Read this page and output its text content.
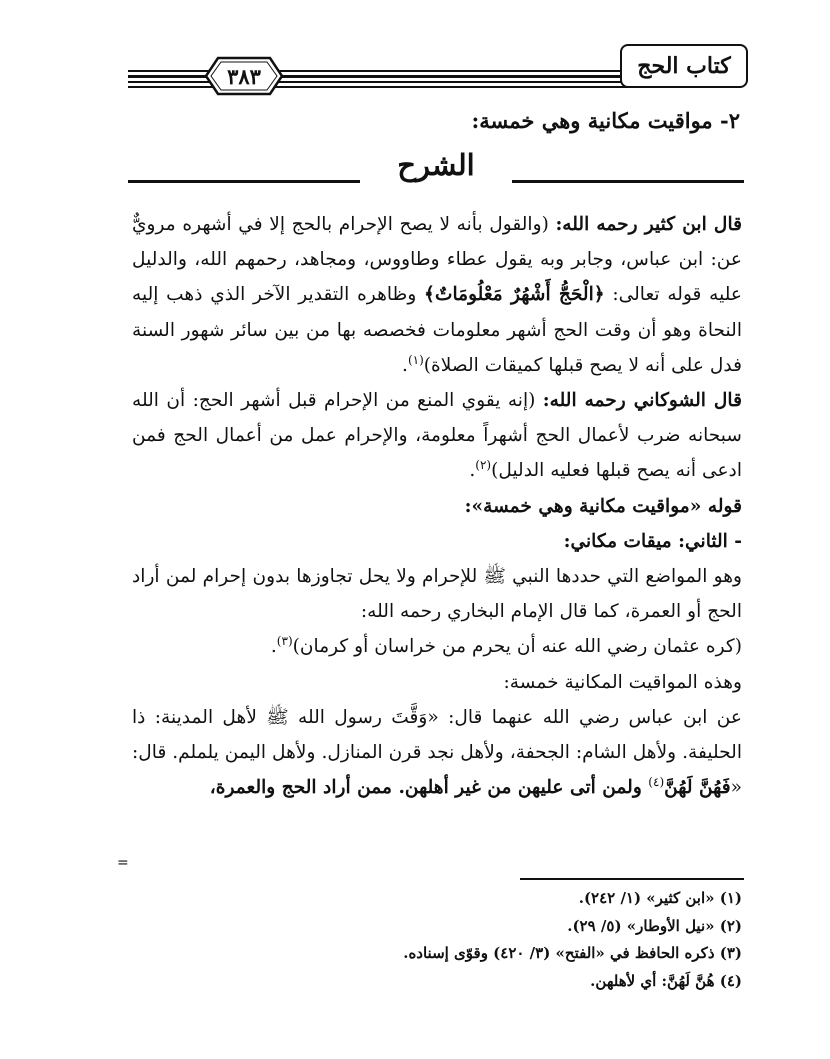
٣٨٣	كتاب الحج
٢- مواقيت مكانية وهي خمسة:
الشرح

قال ابن كثير رحمه الله: (والقول بأنه لا يصح الإحرام بالحج إلا في أشهره مرويٌّ عن: ابن عباس، وجابر وبه يقول عطاء وطاووس، ومجاهد، رحمهم الله، والدليل عليه قوله تعالى: ﴿الْحَجُّ أَشْهُرٌ مَعْلُومَاتٌ﴾ وظاهره التقدير الآخر الذي ذهب إليه النحاة وهو أن وقت الحج أشهر معلومات فخصصه بها من بين سائر شهور السنة فدل على أنه لا يصح قبلها كميقات الصلاة)$^{(١)}$.

قال الشوكاني رحمه الله: (إنه يقوي المنع من الإحرام قبل أشهر الحج: أن الله سبحانه ضرب لأعمال الحج أشهراً معلومة، والإحرام عمل من أعمال الحج فمن ادعى أنه يصح قبلها فعليه الدليل)$^{(٢)}$.

قوله «مواقيت مكانية وهي خمسة»:

- الثاني: ميقات مكاني:

وهو المواضع التي حددها النبي ﷺ للإحرام ولا يحل تجاوزها بدون إحرام لمن أراد الحج أو العمرة، كما قال الإمام البخاري رحمه الله:

(كره عثمان رضي الله عنه أن يحرم من خراسان أو كرمان)$^{(٣)}$.

وهذه المواقيت المكانية خمسة:

عن ابن عباس رضي الله عنهما قال: «وَقَّتَ رسول الله ﷺ لأهل المدينة: ذا الحليفة. ولأهل الشام: الجحفة، ولأهل نجد قرن المنازل. ولأهل اليمن يلملم. قال: «فَهُنَّ لَهُنَّ$^{(٤)}$ ولمن أتى عليهن من غير أهلهن. ممن أراد الحج والعمرة،

=
(١) «ابن كثير» (١/ ٢٤٢).
(٢) «نيل الأوطار» (٥/ ٢٩).
(٣) ذكره الحافظ في «الفتح» (٣/ ٤٢٠) وقوّى إسناده.
(٤) هُنَّ لَهُنَّ: أي لأهلهن.
